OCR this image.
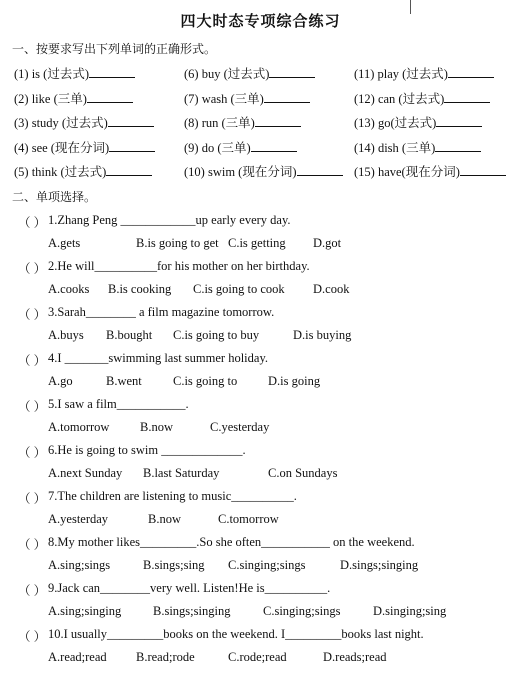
四大时态专项综合练习
一、按要求写出下列单词的正确形式。
(1) is (过去式)	(6) buy (过去式)	(11) play (过去式)
(2) like (三单)	(7) wash (三单)	(12) can (过去式)
(3) study (过去式)	(8) run (三单)	(13) go(过去式)
(4) see (现在分词)	(9) do (三单)	(14) dish (三单)
(5) think (过去式)	(10) swim (现在分词)	(15) have(现在分词)
二、单项选择。
（ ） 1.Zhang Peng ____________up early every day.
A.gets	B.is going to get C.is getting D.got
（ ） 2.He will__________for his mother on her birthday.
A.cooks B.is cooking C.is going to cook D.cook
（ ） 3.Sarah________ a film magazine tomorrow.
A.buys B.bought C.is going to buy	D.is buying
（ ） 4.I _______swimming last summer holiday.
A.go	B.went C.is going to D.is going
（ ） 5.I saw a film___________.
A.tomorrow B.now	C.yesterday
（ ） 6.He is going to swim _____________.
A.next Sunday B.last Saturday	C.on Sundays
（ ） 7.The children are listening to music__________.
A.yesterday	B.now	C.tomorrow
（ ） 8.My mother likes_________.So she often___________ on the weekend.
A.sing;sings	B.sings;sing C.singing;sings	D.sings;singing
（ ） 9.Jack can________very well. Listen!He is__________.
A.sing;singing	B.sings;singing	C.singing;sings	D.singing;sing
（ ） 10.I usually_________books on the weekend. I_________books last night.
A.read;read B.read;rode	C.rode;read	D.reads;read
